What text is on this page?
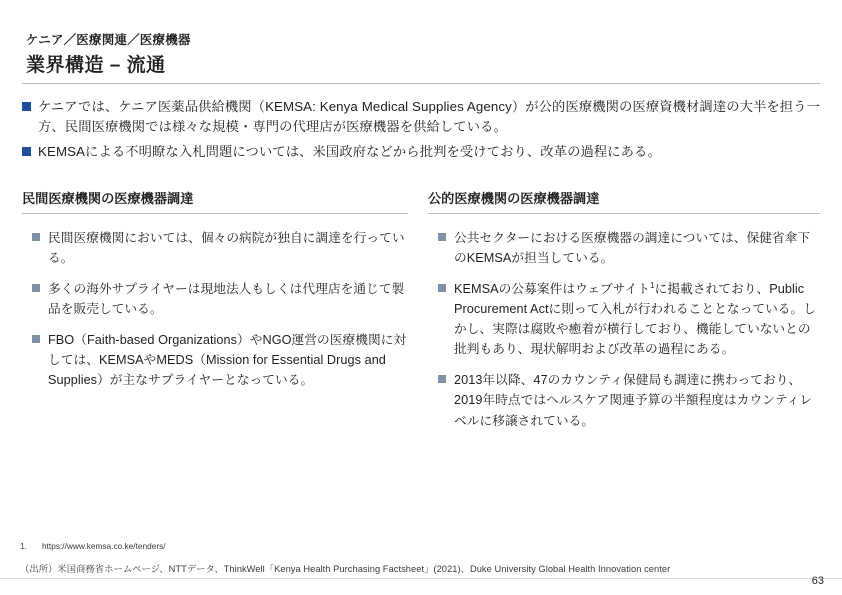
ケニア／医療関連／医療機器
業界構造 – 流通
ケニアでは、ケニア医薬品供給機関（KEMSA: Kenya Medical Supplies Agency）が公的医療機関の医療資機材調達の大半を担う一方、民間医療機関では様々な規模・専門の代理店が医療機器を供給している。
KEMSAによる不明瞭な入札問題については、米国政府などから批判を受けており、改革の過程にある。
民間医療機関の医療機器調達
民間医療機関においては、個々の病院が独自に調達を行っている。
多くの海外サプライヤーは現地法人もしくは代理店を通じて製品を販売している。
FBO（Faith-based Organizations）やNGO運営の医療機関に対しては、KEMSAやMEDS（Mission for Essential Drugs and Supplies）が主なサプライヤーとなっている。
公的医療機関の医療機器調達
公共セクターにおける医療機器の調達については、保健省傘下のKEMSAが担当している。
KEMSAの公募案件はウェブサイト$^1$に掲載されており、Public Procurement Actに則って入札が行われることとなっている。しかし、実際は腐敗や癒着が横行しており、機能していないとの批判もあり、現状解明および改革の過程にある。
2013年以降、47のカウンティ保健局も調達に携わっており、2019年時点ではヘルスケア関連予算の半額程度はカウンティレベルに移譲されている。
1. https://www.kemsa.co.ke/tenders/
（出所）米国商務省ホームページ、NTTデータ、ThinkWell「Kenya Health Purchasing Factsheet」(2021)、Duke University Global Health Innovation center
63
